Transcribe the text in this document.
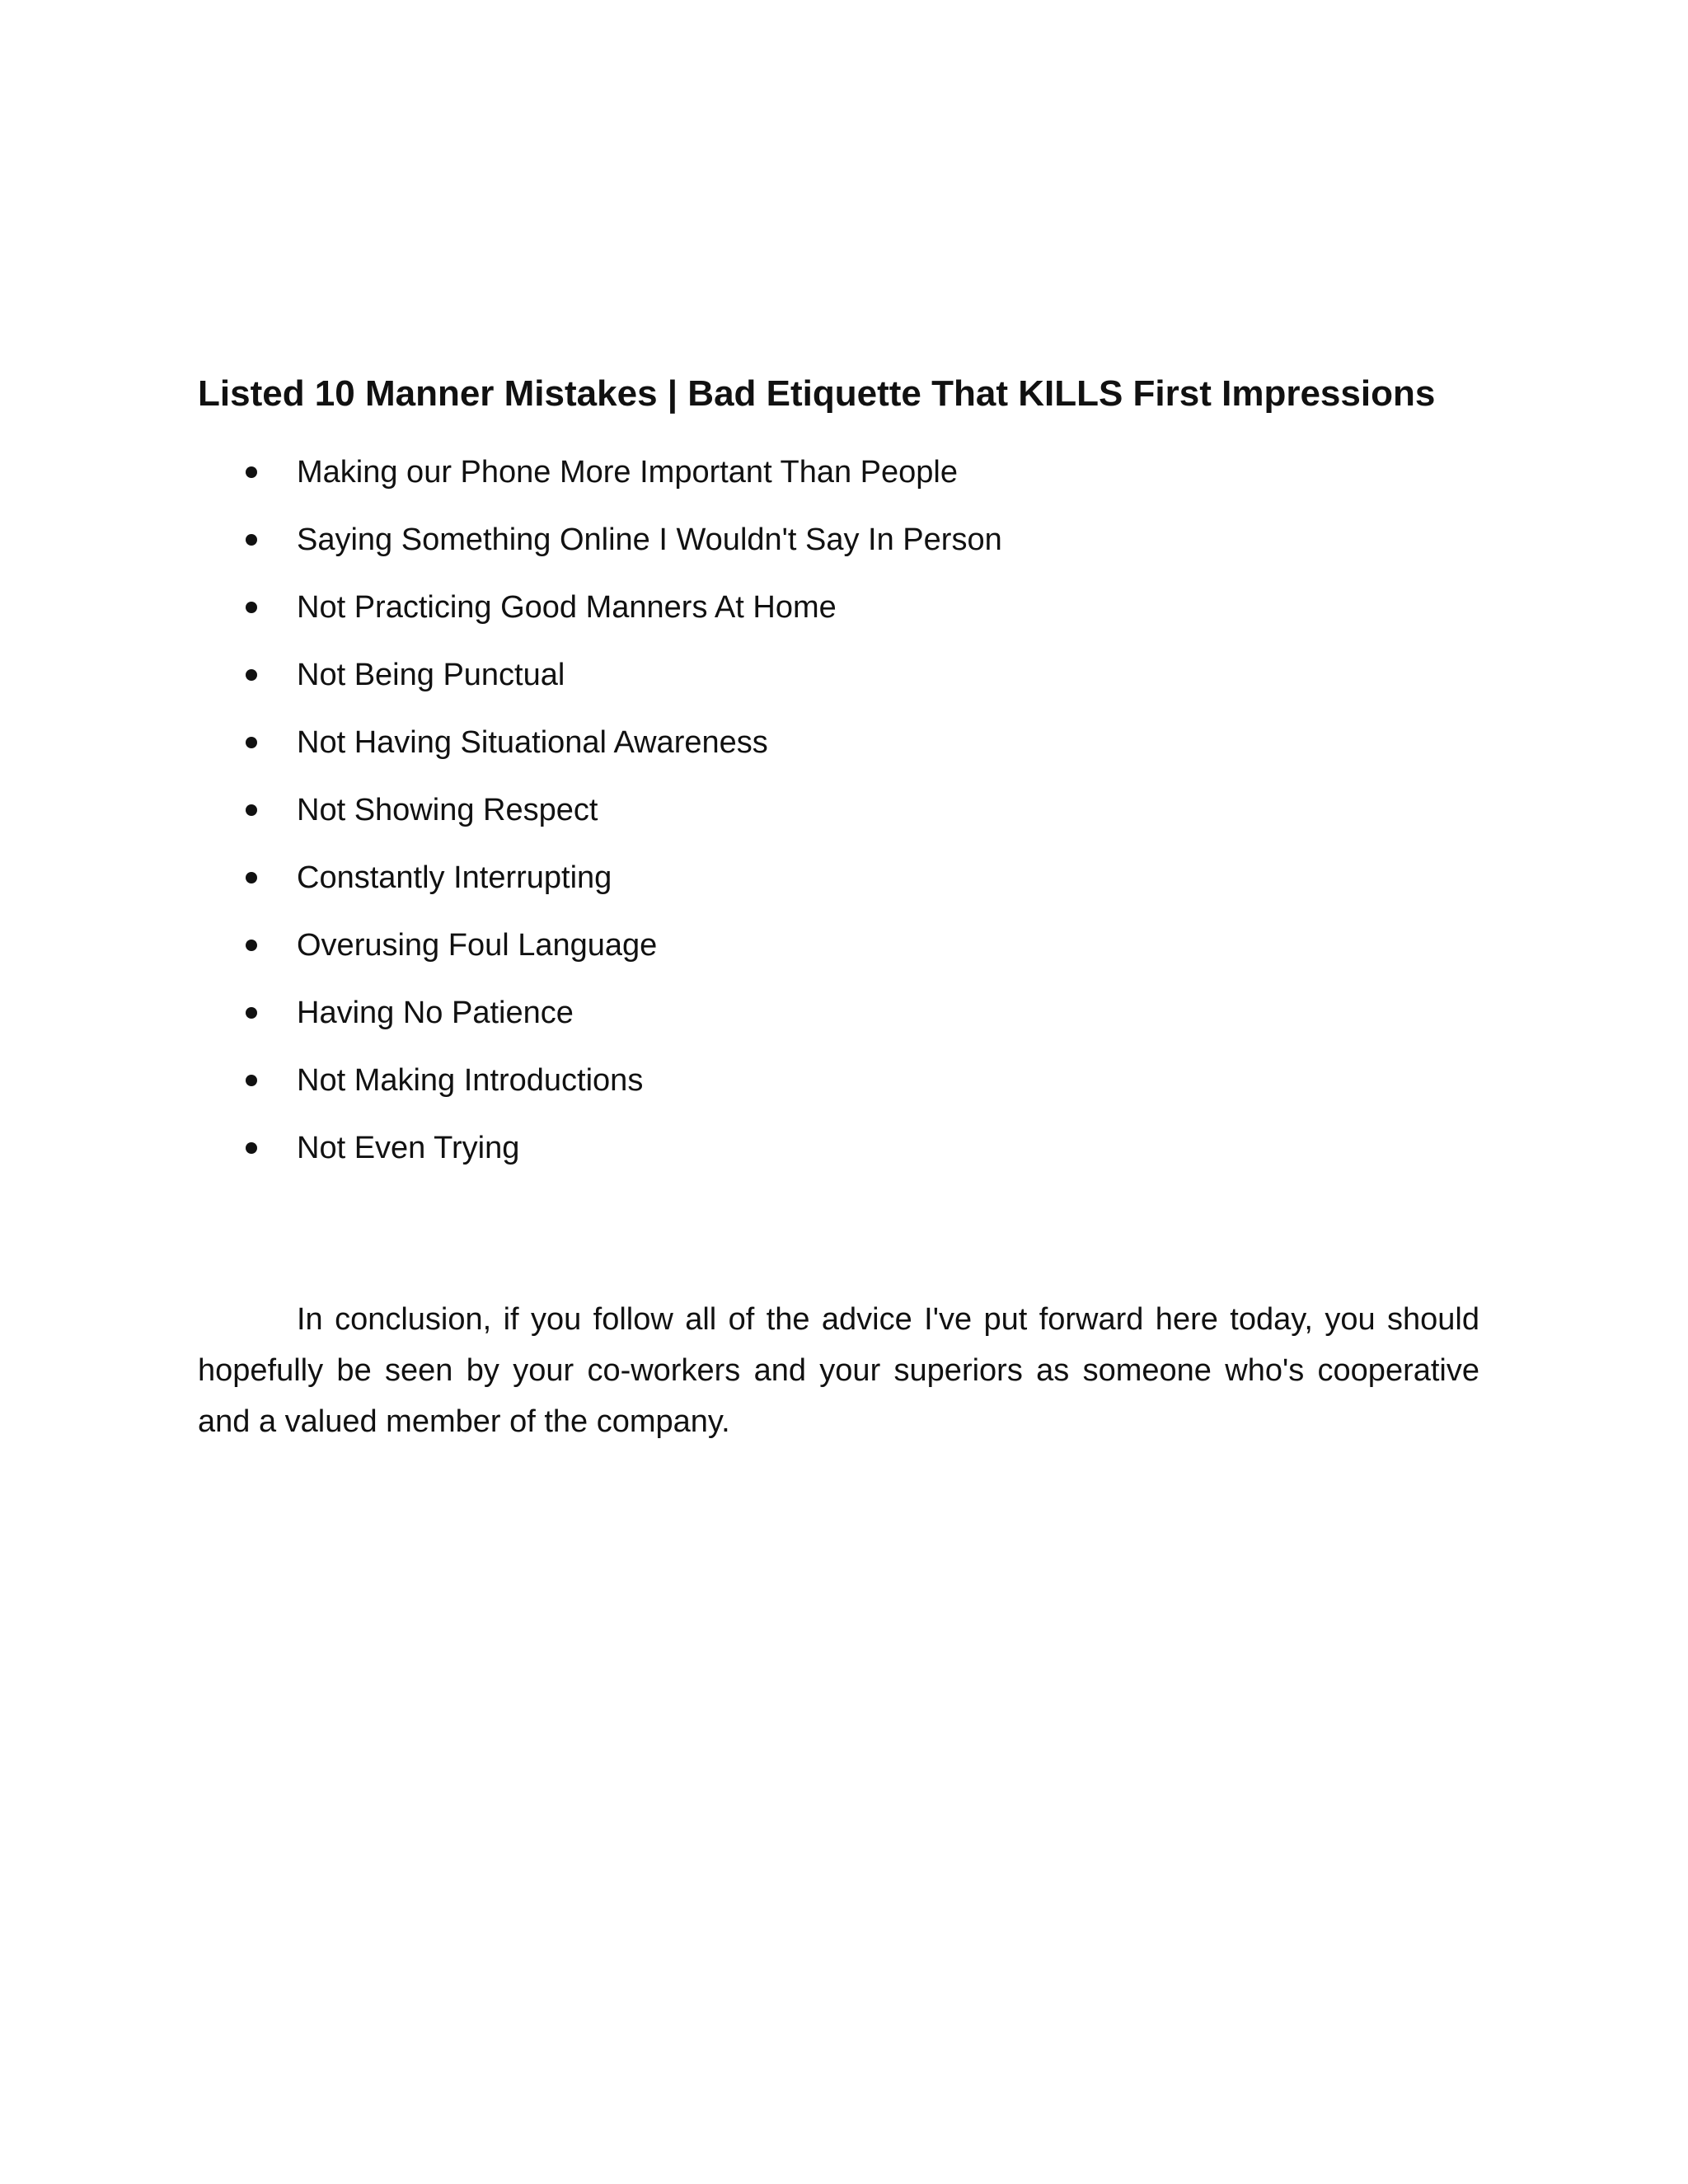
Listed 10 Manner Mistakes | Bad Etiquette That KILLS First Impressions
Making our Phone More Important Than People
Saying Something Online I Wouldn't Say In Person
Not Practicing Good Manners At Home
Not Being Punctual
Not Having Situational Awareness
Not Showing Respect
Constantly Interrupting
Overusing Foul Language
Having No Patience
Not Making Introductions
Not Even Trying

In conclusion, if you follow all of the advice I've put forward here today, you should hopefully be seen by your co-workers and your superiors as someone who's cooperative and a valued member of the company.
